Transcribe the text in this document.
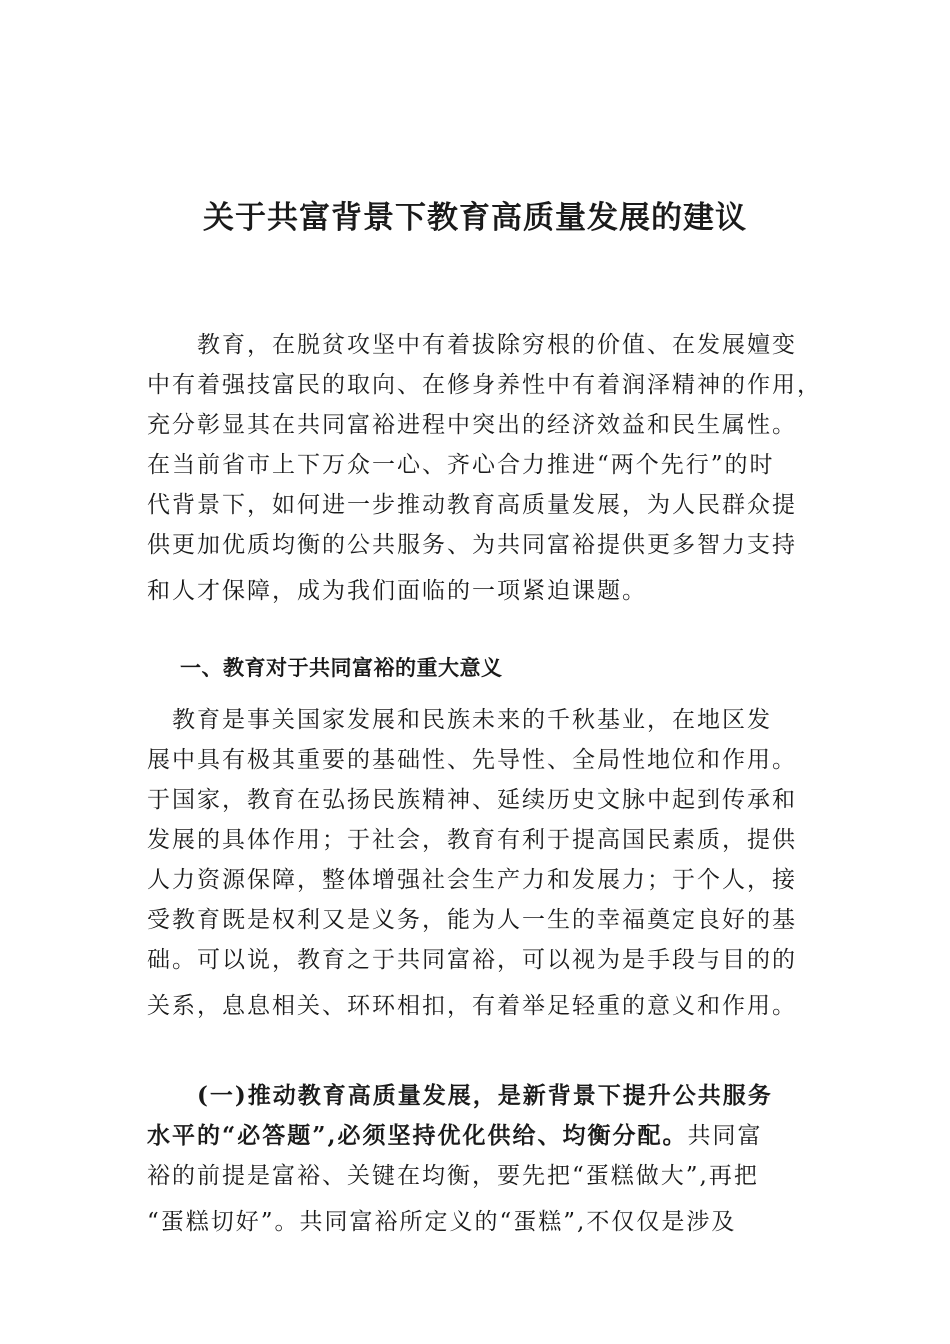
关于共富背景下教育高质量发展的建议
　　教育，在脱贫攻坚中有着拔除穷根的价值、在发展嬗变
中有着强技富民的取向、在修身养性中有着润泽精神的作用，
充分彰显其在共同富裕进程中突出的经济效益和民生属性。
在当前省市上下万众一心、齐心合力推进“两个先行”的时
代背景下，如何进一步推动教育高质量发展，为人民群众提
供更加优质均衡的公共服务、为共同富裕提供更多智力支持
和人才保障，成为我们面临的一项紧迫课题。
一、教育对于共同富裕的重大意义
　教育是事关国家发展和民族未来的千秋基业，在地区发
展中具有极其重要的基础性、先导性、全局性地位和作用。
于国家，教育在弘扬民族精神、延续历史文脉中起到传承和
发展的具体作用；于社会，教育有利于提高国民素质，提供
人力资源保障，整体增强社会生产力和发展力；于个人，接
受教育既是权利又是义务，能为人一生的幸福奠定良好的基
础。可以说，教育之于共同富裕，可以视为是手段与目的的
关系，息息相关、环环相扣，有着举足轻重的意义和作用。
　　(一)推动教育高质量发展，是新背景下提升公共服务
水平的“必答题”,必须坚持优化供给、均衡分配。共同富
裕的前提是富裕、关键在均衡，要先把“蛋糕做大”,再把
“蛋糕切好”。共同富裕所定义的“蛋糕”,不仅仅是涉及
